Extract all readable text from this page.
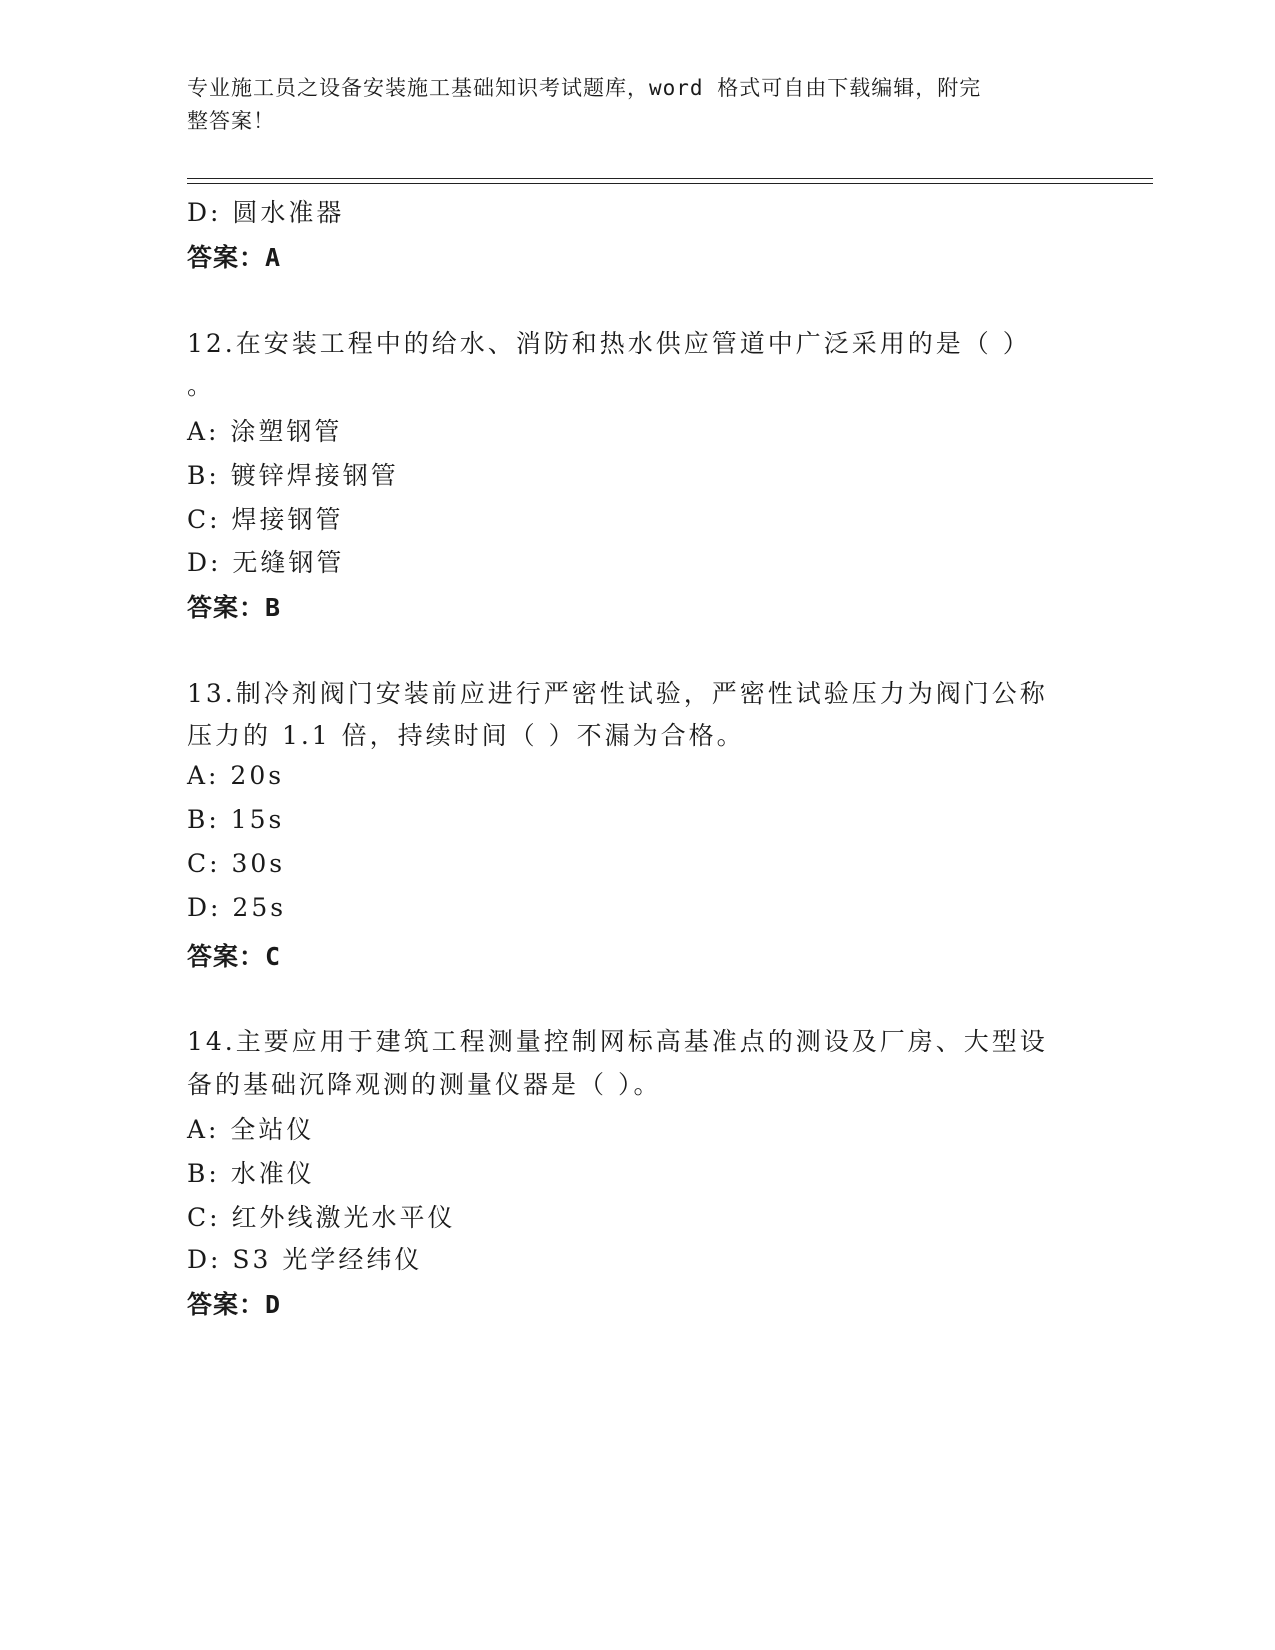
专业施工员之设备安装施工基础知识考试题库，word 格式可自由下载编辑，附完
整答案！
D: 圆水准器
答案：A
12.在安装工程中的给水、消防和热水供应管道中广泛采用的是（ ）
。
A: 涂塑钢管
B: 镀锌焊接钢管
C: 焊接钢管
D: 无缝钢管
答案：B
13.制冷剂阀门安装前应进行严密性试验，严密性试验压力为阀门公称
压力的 1.1 倍，持续时间（ ）不漏为合格。
A: 20s
B: 15s
C: 30s
D: 25s
答案：C
14.主要应用于建筑工程测量控制网标高基准点的测设及厂房、大型设
备的基础沉降观测的测量仪器是（ ）。
A: 全站仪
B: 水准仪
C: 红外线激光水平仪
D: S3 光学经纬仪
答案：D
